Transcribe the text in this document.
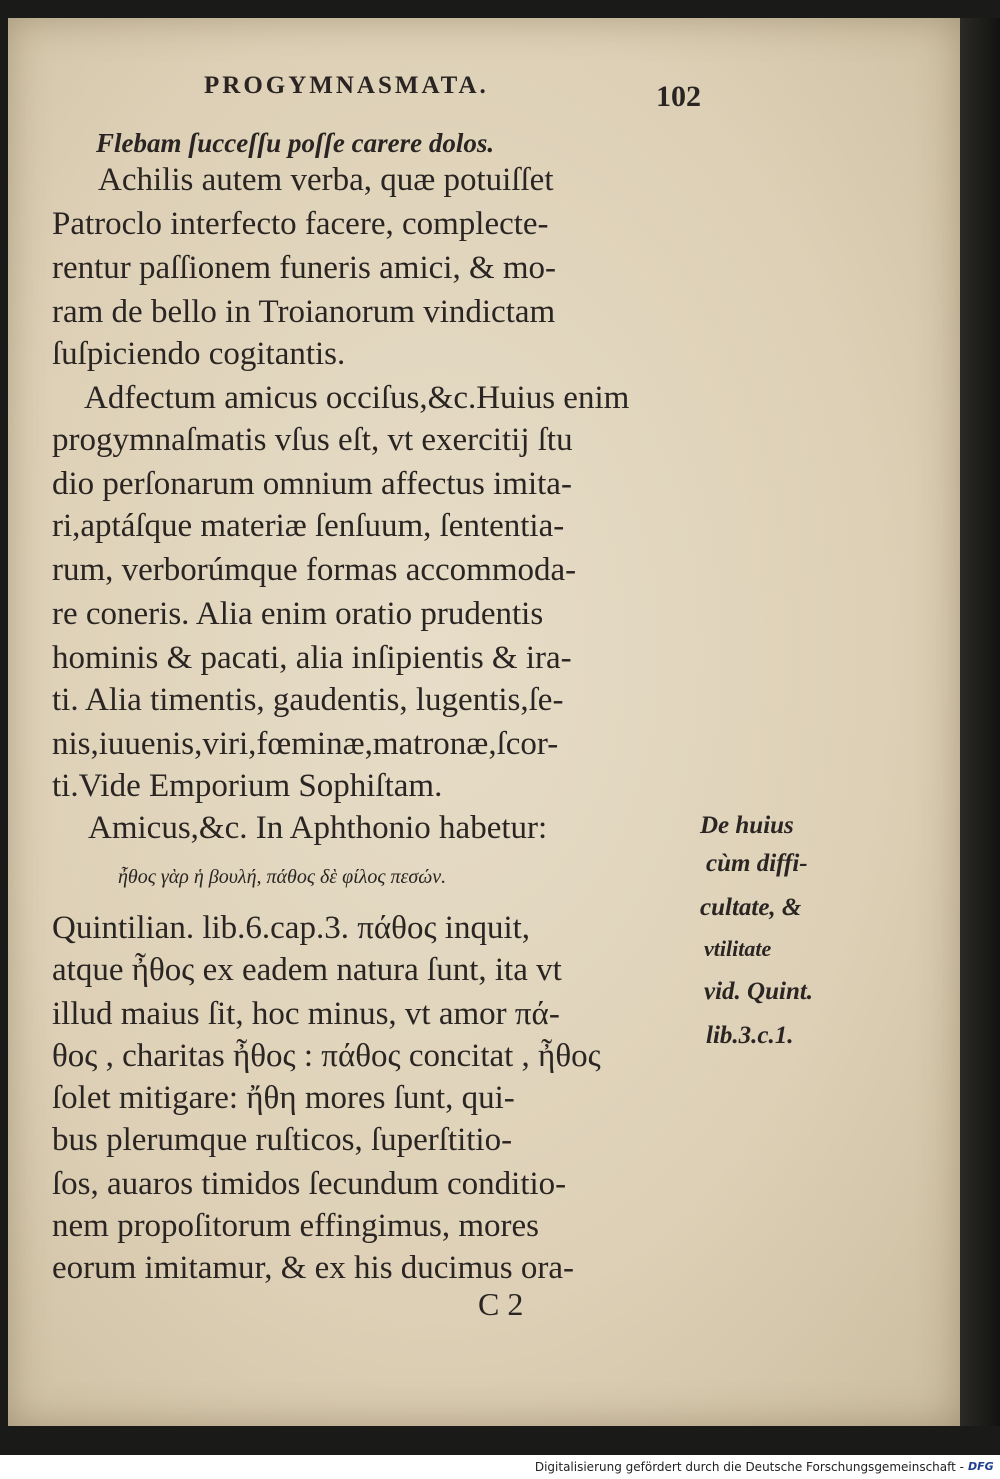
PROGYMNASMATA.	102
Flebam ſucceſſu poſſe carere dolos.
Achilis autem verba, quæ potuiſſet
Patroclo interfecto facere, complecte-
rentur paſſionem funeris amici, & mo-
ram de bello in Troianorum vindictam
ſuſpiciendo cogitantis.
Adfectum amicus occiſus,&c.Huius enim
progymnaſmatis vſus eſt, vt exercitij ſtu
dio perſonarum omnium affectus imita-
ri,aptáſque materiæ ſenſuum, ſententia-
rum, verborúmque formas accommoda-
re coneris. Alia enim oratio prudentis
hominis & pacati, alia inſipientis & ira-
ti. Alia timentis, gaudentis, lugentis,ſe-
nis,iuuenis,viri,fœminæ,matronæ,ſcor-
ti.Vide Emporium Sophiſtam.
Amicus,&c. In Aphthonio habetur:
ἦθος γὰρ ἡ βουλή, πάθος δὲ φίλος πεσών.
Quintilian. lib.6.cap.3. πάθος inquit,
atque ἦθος ex eadem natura ſunt, ita vt
illud maius ſit, hoc minus, vt amor πά-
θος , charitas ἦθος : πάθος concitat , ἦθος
ſolet mitigare: ἤθη mores ſunt, qui-
bus plerumque ruſticos, ſuperſtitio-
ſos, auaros timidos ſecundum conditio-
nem propoſitorum effingimus, mores
eorum imitamur, & ex his ducimus ora-
De huius
cùm diffi-
cultate, &
vtilitate
vid. Quint.
lib.3.c.1.
C 2
Digitalisierung gefördert durch die Deutsche Forschungsgemeinschaft - DFG
